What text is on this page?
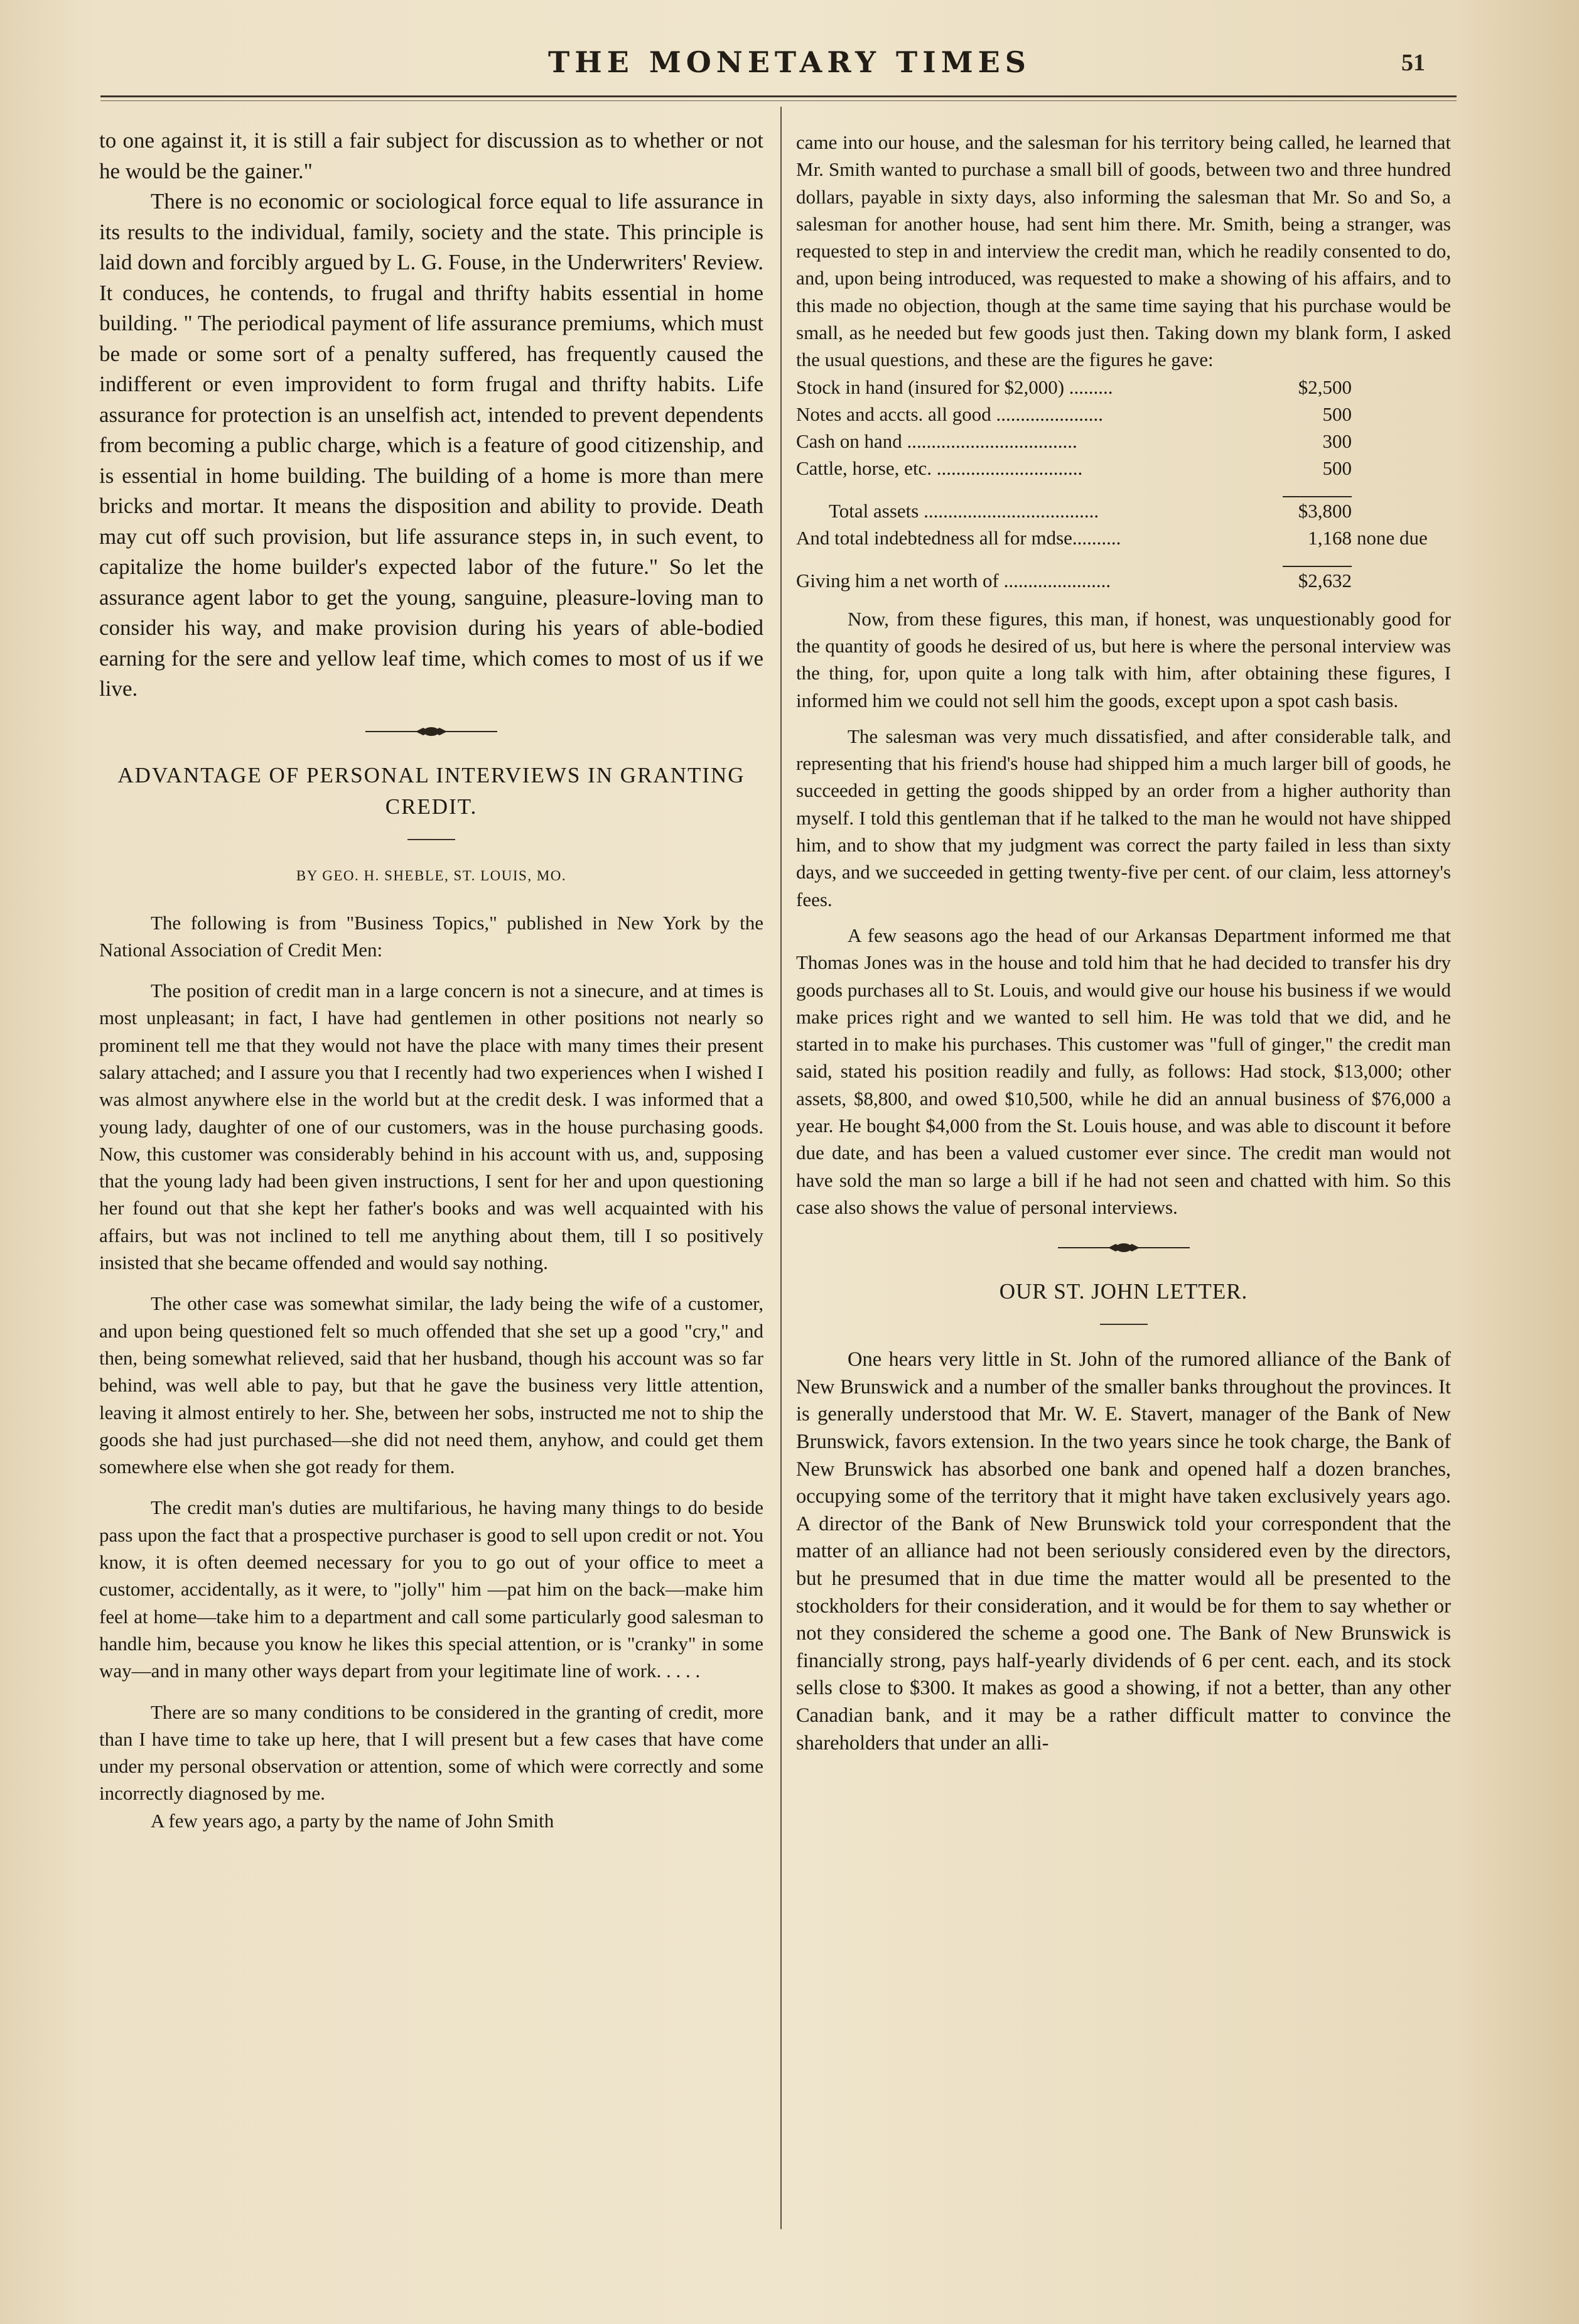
THE MONETARY TIMES	51

to one against it, it is still a fair subject for discussion as to whether or not he would be the gainer."

There is no economic or sociological force equal to life assurance in its results to the individual, family, society and the state. This principle is laid down and forcibly argued by L. G. Fouse, in the Underwriters' Review. It conduces, he contends, to frugal and thrifty habits essential in home building. " The periodical payment of life assurance premiums, which must be made or some sort of a penalty suffered, has frequently caused the indifferent or even improvident to form frugal and thrifty habits. Life assurance for protection is an unselfish act, intended to prevent dependents from becoming a public charge, which is a feature of good citizenship, and is essential in home building. The building of a home is more than mere bricks and mortar. It means the disposition and ability to provide. Death may cut off such provision, but life assurance steps in, in such event, to capitalize the home builder's expected labor of the future." So let the assurance agent labor to get the young, sanguine, pleasure-loving man to consider his way, and make provision during his years of able-bodied earning for the sere and yellow leaf time, which comes to most of us if we live.

ADVANTAGE OF PERSONAL INTERVIEWS IN GRANTING CREDIT.
BY GEO. H. SHEBLE, ST. LOUIS, MO.

The following is from "Business Topics," published in New York by the National Association of Credit Men:

The position of credit man in a large concern is not a sinecure, and at times is most unpleasant; in fact, I have had gentlemen in other positions not nearly so prominent tell me that they would not have the place with many times their present salary attached; and I assure you that I recently had two experiences when I wished I was almost anywhere else in the world but at the credit desk. I was informed that a young lady, daughter of one of our customers, was in the house purchasing goods. Now, this customer was considerably behind in his account with us, and, supposing that the young lady had been given instructions, I sent for her and upon questioning her found out that she kept her father's books and was well acquainted with his affairs, but was not inclined to tell me anything about them, till I so positively insisted that she became offended and would say nothing.

The other case was somewhat similar, the lady being the wife of a customer, and upon being questioned felt so much offended that she set up a good "cry," and then, being somewhat relieved, said that her husband, though his account was so far behind, was well able to pay, but that he gave the business very little attention, leaving it almost entirely to her. She, between her sobs, instructed me not to ship the goods she had just purchased—she did not need them, anyhow, and could get them somewhere else when she got ready for them.

The credit man's duties are multifarious, he having many things to do beside pass upon the fact that a prospective purchaser is good to sell upon credit or not. You know, it is often deemed necessary for you to go out of your office to meet a customer, accidentally, as it were, to "jolly" him —pat him on the back—make him feel at home—take him to a department and call some particularly good salesman to handle him, because you know he likes this special attention, or is "cranky" in some way—and in many other ways depart from your legitimate line of work. . . . .

There are so many conditions to be considered in the granting of credit, more than I have time to take up here, that I will present but a few cases that have come under my personal observation or attention, some of which were correctly and some incorrectly diagnosed by me.

A few years ago, a party by the name of John Smith

came into our house, and the salesman for his territory being called, he learned that Mr. Smith wanted to purchase a small bill of goods, between two and three hundred dollars, payable in sixty days, also informing the salesman that Mr. So and So, a salesman for another house, had sent him there. Mr. Smith, being a stranger, was requested to step in and interview the credit man, which he readily consented to do, and, upon being introduced, was requested to make a showing of his affairs, and to this made no objection, though at the same time saying that his purchase would be small, as he needed but few goods just then. Taking down my blank form, I asked the usual questions, and these are the figures he gave:

Stock in hand (insured for $2,000) .........	$2,500	
Notes and accts. all good ......................	500	
Cash on hand ...................................	300	
Cattle, horse, etc. ..............................	500	

Total assets ....................................	$3,800	
And total indebtedness all for mdse..........	1,168	none due

Giving him a net worth of ......................	$2,632	

Now, from these figures, this man, if honest, was unquestionably good for the quantity of goods he desired of us, but here is where the personal interview was the thing, for, upon quite a long talk with him, after obtaining these figures, I informed him we could not sell him the goods, except upon a spot cash basis.

The salesman was very much dissatisfied, and after considerable talk, and representing that his friend's house had shipped him a much larger bill of goods, he succeeded in getting the goods shipped by an order from a higher authority than myself. I told this gentleman that if he talked to the man he would not have shipped him, and to show that my judgment was correct the party failed in less than sixty days, and we succeeded in getting twenty-five per cent. of our claim, less attorney's fees.

A few seasons ago the head of our Arkansas Department informed me that Thomas Jones was in the house and told him that he had decided to transfer his dry goods purchases all to St. Louis, and would give our house his business if we would make prices right and we wanted to sell him. He was told that we did, and he started in to make his purchases. This customer was "full of ginger," the credit man said, stated his position readily and fully, as follows: Had stock, $13,000; other assets, $8,800, and owed $10,500, while he did an annual business of $76,000 a year. He bought $4,000 from the St. Louis house, and was able to discount it before due date, and has been a valued customer ever since. The credit man would not have sold the man so large a bill if he had not seen and chatted with him. So this case also shows the value of personal interviews.

OUR ST. JOHN LETTER.

One hears very little in St. John of the rumored alliance of the Bank of New Brunswick and a number of the smaller banks throughout the provinces. It is generally understood that Mr. W. E. Stavert, manager of the Bank of New Brunswick, favors extension. In the two years since he took charge, the Bank of New Brunswick has absorbed one bank and opened half a dozen branches, occupying some of the territory that it might have taken exclusively years ago. A director of the Bank of New Brunswick told your correspondent that the matter of an alliance had not been seriously considered even by the directors, but he presumed that in due time the matter would all be presented to the stockholders for their consideration, and it would be for them to say whether or not they considered the scheme a good one. The Bank of New Brunswick is financially strong, pays half-yearly dividends of 6 per cent. each, and its stock sells close to $300. It makes as good a showing, if not a better, than any other Canadian bank, and it may be a rather difficult matter to convince the shareholders that under an alli-
